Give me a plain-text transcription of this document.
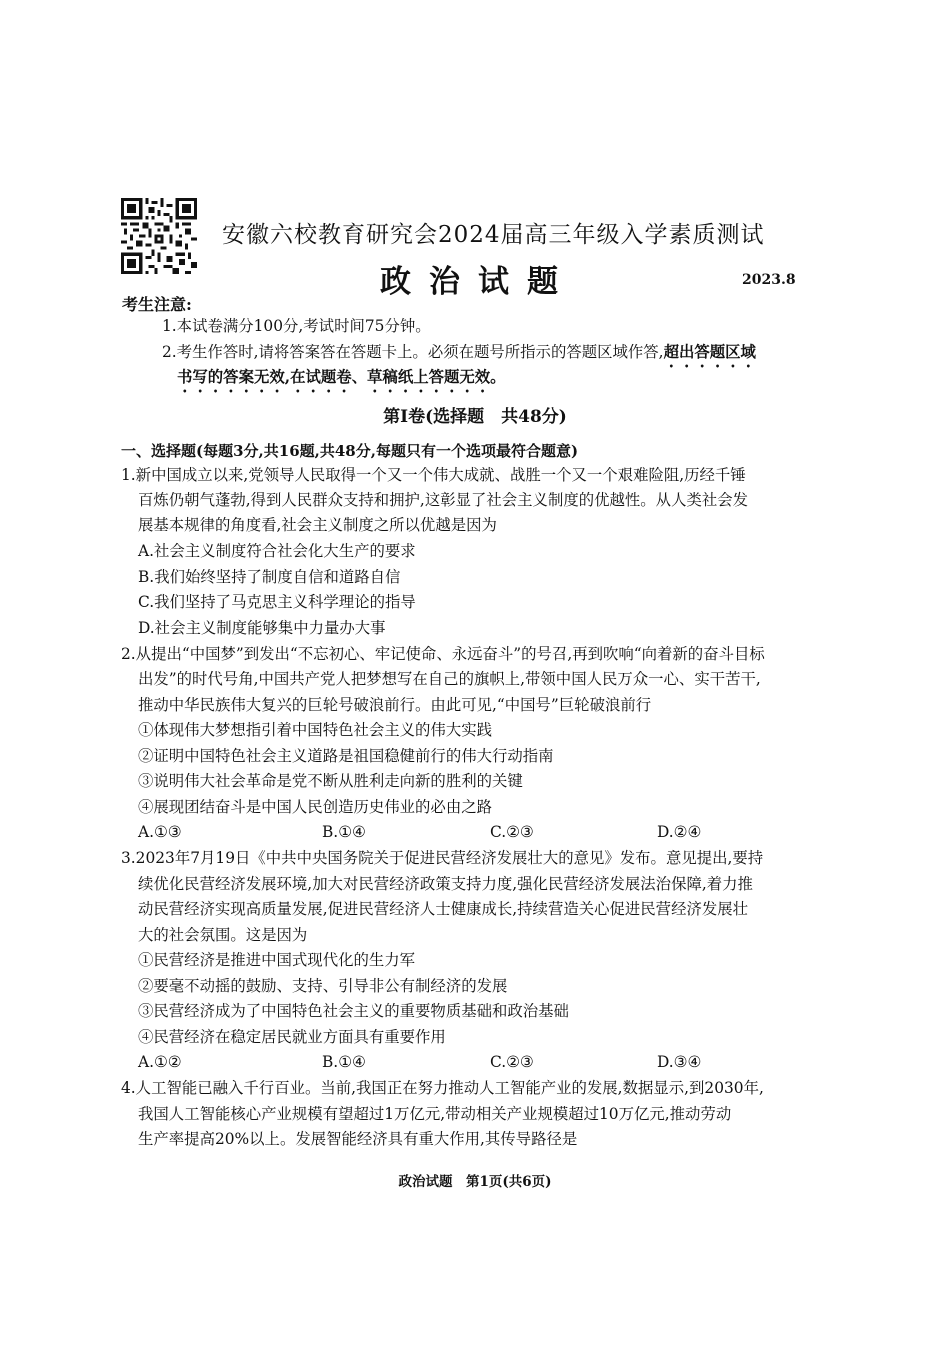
安徽六校教育研究会2024届高三年级入学素质测试
政治试题	2023.8
考生注意:
1.本试卷满分100分,考试时间75分钟。
2.考生作答时,请将答案答在答题卡上。必须在题号所指示的答题区域作答,超出答题区域
书写的答案无效,在试题卷、草稿纸上答题无效。
第Ⅰ卷(选择题　共48分)
一、选择题(每题3分,共16题,共48分,每题只有一个选项最符合题意)
1.新中国成立以来,党领导人民取得一个又一个伟大成就、战胜一个又一个艰难险阻,历经千锤
百炼仍朝气蓬勃,得到人民群众支持和拥护,这彰显了社会主义制度的优越性。从人类社会发
展基本规律的角度看,社会主义制度之所以优越是因为
A.社会主义制度符合社会化大生产的要求
B.我们始终坚持了制度自信和道路自信
C.我们坚持了马克思主义科学理论的指导
D.社会主义制度能够集中力量办大事
2.从提出“中国梦”到发出“不忘初心、牢记使命、永远奋斗”的号召,再到吹响“向着新的奋斗目标
出发”的时代号角,中国共产党人把梦想写在自己的旗帜上,带领中国人民万众一心、实干苦干,
推动中华民族伟大复兴的巨轮号破浪前行。由此可见,“中国号”巨轮破浪前行
①体现伟大梦想指引着中国特色社会主义的伟大实践
②证明中国特色社会主义道路是祖国稳健前行的伟大行动指南
③说明伟大社会革命是党不断从胜利走向新的胜利的关键
④展现团结奋斗是中国人民创造历史伟业的必由之路
A.①③	B.①④	C.②③	D.②④
3.2023年7月19日《中共中央国务院关于促进民营经济发展壮大的意见》发布。意见提出,要持
续优化民营经济发展环境,加大对民营经济政策支持力度,强化民营经济发展法治保障,着力推
动民营经济实现高质量发展,促进民营经济人士健康成长,持续营造关心促进民营经济发展壮
大的社会氛围。这是因为
①民营经济是推进中国式现代化的生力军
②要毫不动摇的鼓励、支持、引导非公有制经济的发展
③民营经济成为了中国特色社会主义的重要物质基础和政治基础
④民营经济在稳定居民就业方面具有重要作用
A.①②	B.①④	C.②③	D.③④
4.人工智能已融入千行百业。当前,我国正在努力推动人工智能产业的发展,数据显示,到2030年,
我国人工智能核心产业规模有望超过1万亿元,带动相关产业规模超过10万亿元,推动劳动
生产率提高20%以上。发展智能经济具有重大作用,其传导路径是
政治试题　第1页(共6页)
